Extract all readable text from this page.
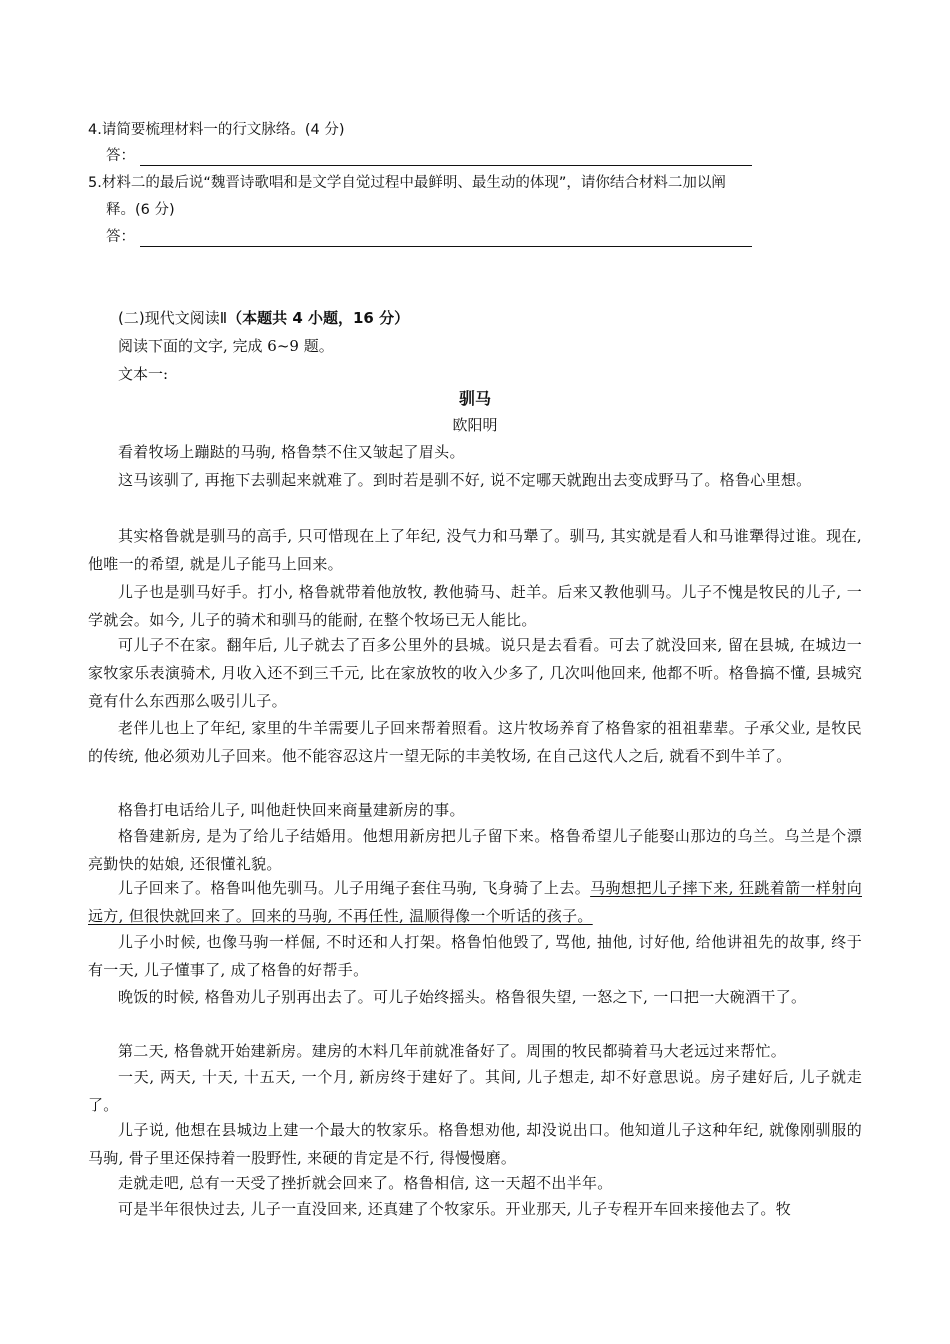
4.请简要梳理材料一的行文脉络。(4 分)
答：
5.材料二的最后说“魏晋诗歌唱和是文学自觉过程中最鲜明、最生动的体现”，请你结合材料二加以阐
释。(6 分)
答：
(二)现代文阅读Ⅱ（本题共 4 小题，16 分）
阅读下面的文字, 完成 6~9 题。
文本一:
驯马
欧阳明
看着牧场上蹦跶的马驹, 格鲁禁不住又皱起了眉头。
这马该驯了, 再拖下去驯起来就难了。到时若是驯不好, 说不定哪天就跑出去变成野马了。格鲁心里想。
其实格鲁就是驯马的高手, 只可惜现在上了年纪, 没气力和马犟了。驯马, 其实就是看人和马谁犟得过谁。现在, 他唯一的希望, 就是儿子能马上回来。
儿子也是驯马好手。打小, 格鲁就带着他放牧, 教他骑马、赶羊。后来又教他驯马。儿子不愧是牧民的儿子, 一学就会。如今, 儿子的骑术和驯马的能耐, 在整个牧场已无人能比。
可儿子不在家。翻年后, 儿子就去了百多公里外的县城。说只是去看看。可去了就没回来, 留在县城, 在城边一家牧家乐表演骑术, 月收入还不到三千元, 比在家放牧的收入少多了, 几次叫他回来, 他都不听。格鲁搞不懂, 县城究竟有什么东西那么吸引儿子。
老伴儿也上了年纪, 家里的牛羊需要儿子回来帮着照看。这片牧场养育了格鲁家的祖祖辈辈。子承父业, 是牧民的传统, 他必须劝儿子回来。他不能容忍这片一望无际的丰美牧场, 在自己这代人之后, 就看不到牛羊了。
格鲁打电话给儿子, 叫他赶快回来商量建新房的事。
格鲁建新房, 是为了给儿子结婚用。他想用新房把儿子留下来。格鲁希望儿子能娶山那边的乌兰。乌兰是个漂亮勤快的姑娘, 还很懂礼貌。
儿子回来了。格鲁叫他先驯马。儿子用绳子套住马驹, 飞身骑了上去。马驹想把儿子摔下来, 狂跳着箭一样射向远方, 但很快就回来了。回来的马驹, 不再任性, 温顺得像一个听话的孩子。
儿子小时候, 也像马驹一样倔, 不时还和人打架。格鲁怕他毁了, 骂他, 抽他, 讨好他, 给他讲祖先的故事, 终于有一天, 儿子懂事了, 成了格鲁的好帮手。
晚饭的时候, 格鲁劝儿子别再出去了。可儿子始终摇头。格鲁很失望, 一怒之下, 一口把一大碗酒干了。
第二天, 格鲁就开始建新房。建房的木料几年前就准备好了。周围的牧民都骑着马大老远过来帮忙。
一天, 两天, 十天, 十五天, 一个月, 新房终于建好了。其间, 儿子想走, 却不好意思说。房子建好后, 儿子就走了。
儿子说, 他想在县城边上建一个最大的牧家乐。格鲁想劝他, 却没说出口。他知道儿子这种年纪, 就像刚驯服的马驹, 骨子里还保持着一股野性, 来硬的肯定是不行, 得慢慢磨。
走就走吧, 总有一天受了挫折就会回来了。格鲁相信, 这一天超不出半年。
可是半年很快过去, 儿子一直没回来, 还真建了个牧家乐。开业那天, 儿子专程开车回来接他去了。牧
